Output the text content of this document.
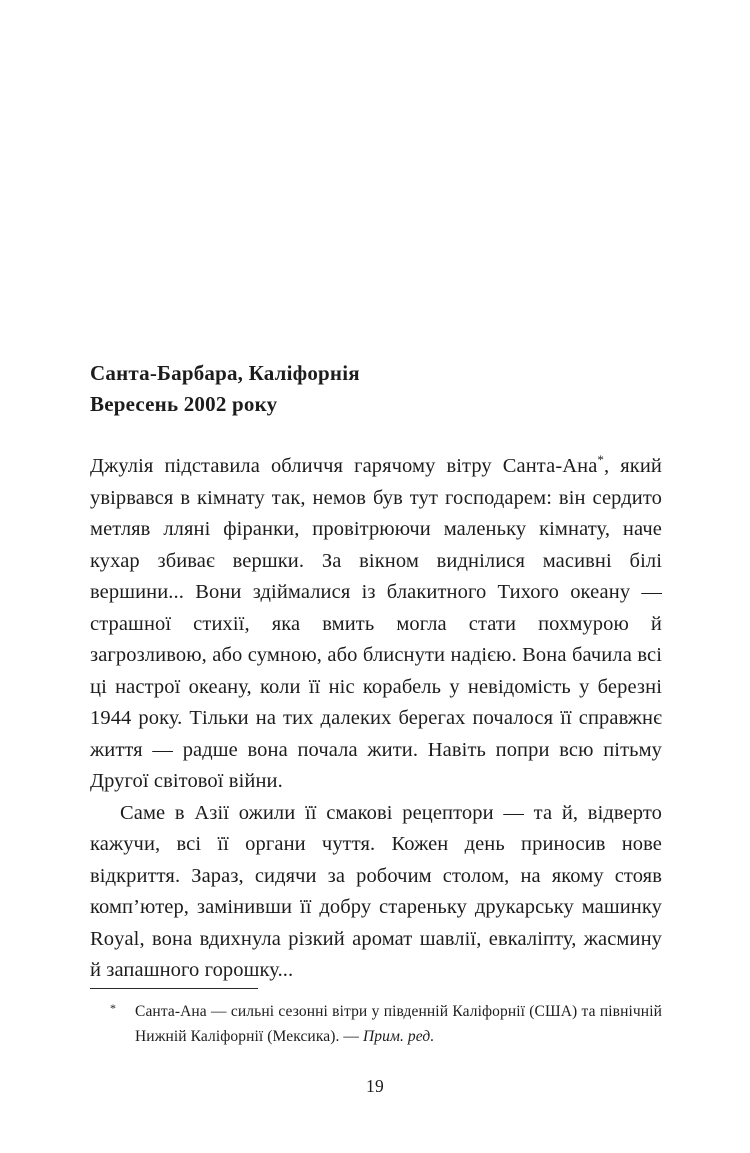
Санта-Барбара, Каліфорнія
Вересень 2002 року

Джулія підставила обличчя гарячому вітру Санта-Ана*, який увірвався в кімнату так, немов був тут господарем: він сердито метляв лляні фіранки, провітрюючи маленьку кімнату, наче кухар збиває вершки. За вікном виднілися масивні білі вершини... Вони здіймалися із блакитного Тихого океану — страшної стихії, яка вмить могла стати похмурою й загрозливою, або сумною, або блиснути надією. Вона бачила всі ці настрої океану, коли її ніс корабель у невідомість у березні 1944 року. Тільки на тих далеких берегах почалося її справжнє життя — радше вона почала жити. Навіть попри всю пітьму Другої світової війни.

Саме в Азії ожили її смакові рецептори — та й, відверто кажучи, всі її органи чуття. Кожен день приносив нове відкриття. Зараз, сидячи за робочим столом, на якому стояв комп’ютер, замінивши її добру стареньку друкарську машинку Royal, вона вдихнула різкий аромат шавлії, евкаліпту, жасмину й запашного горошку...

* Санта-Ана — сильні сезонні вітри у південній Каліфорнії (США) та північній Нижній Каліфорнії (Мексика). — Прим. ред.
19
